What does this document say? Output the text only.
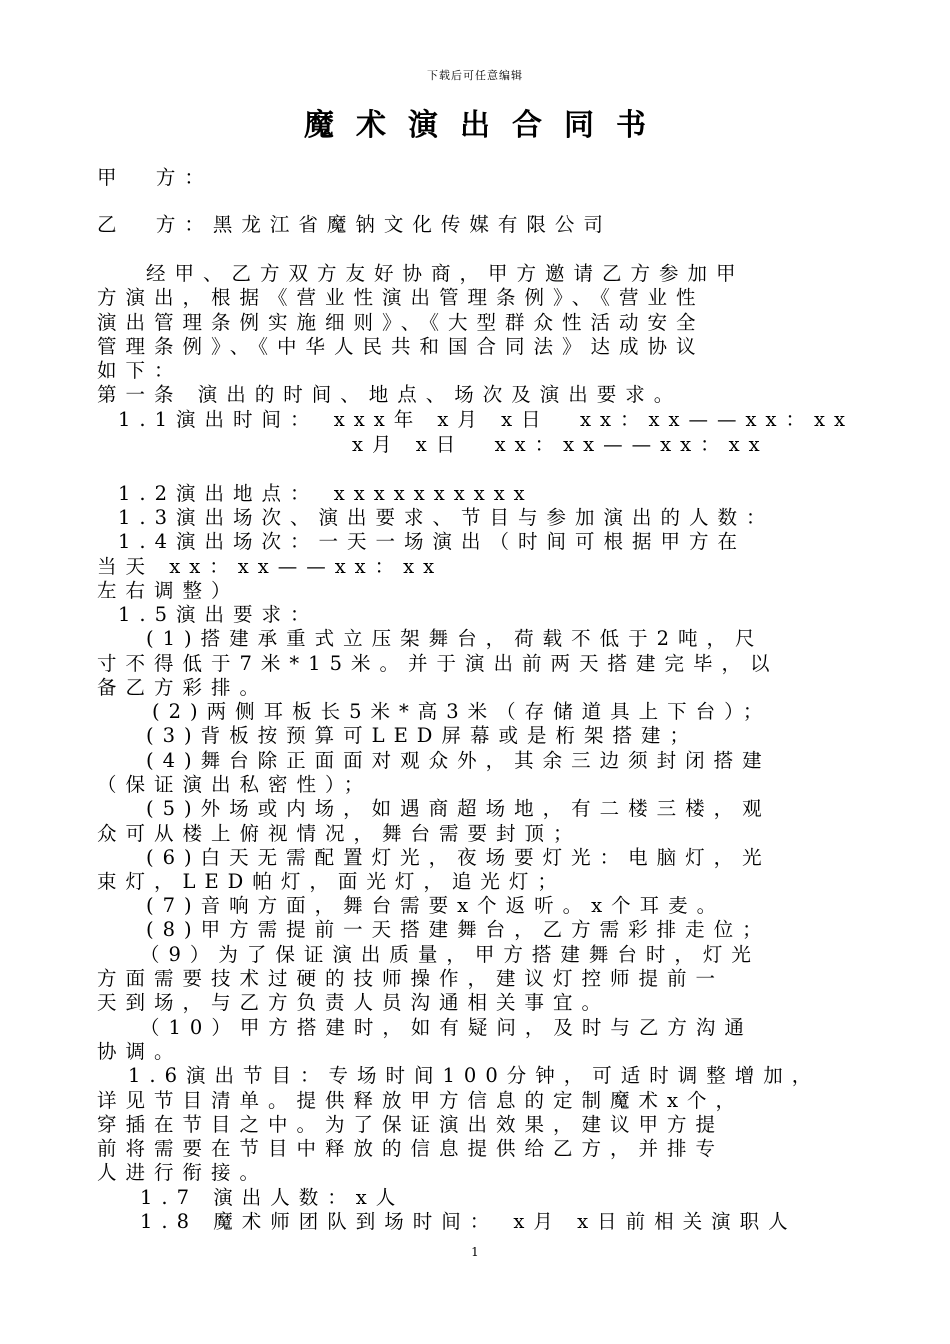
下载后可任意编辑
魔术演出合同书
甲  方：
乙  方：黑龙江省魔钠文化传媒有限公司
经甲、乙方双方友好协商，甲方邀请乙方参加甲
方演出，根据《营业性演出管理条例》、《营业性
演出管理条例实施细则》、《大型群众性活动安全
管理条例》、《中华人民共和国合同法》达成协议
如下：
第一条 演出的时间、地点、场次及演出要求。
1.1演出时间： xxx年 x月 x日  xx：xx——xx：xx
x月 x日  xx：xx——xx：xx
1.2演出地点： xxxxxxxxxx
1.3演出场次、演出要求、节目与参加演出的人数：
1.4演出场次：一天一场演出（时间可根据甲方在
当天 xx：xx——xx：xx
左右调整）
1.5演出要求：
(1)搭建承重式立压架舞台，荷载不低于2吨，尺
寸不得低于7米*15米。并于演出前两天搭建完毕，以
备乙方彩排。
(2)两侧耳板长5米*高3米（存储道具上下台）；
(3)背板按预算可LED屏幕或是桁架搭建；
(4)舞台除正面面对观众外，其余三边须封闭搭建
（保证演出私密性）；
(5)外场或内场，如遇商超场地，有二楼三楼，观
众可从楼上俯视情况，舞台需要封顶；
(6)白天无需配置灯光，夜场要灯光：电脑灯，光
束灯，LED帕灯，面光灯，追光灯；
(7)音响方面，舞台需要x个返听。x个耳麦。
(8)甲方需提前一天搭建舞台，乙方需彩排走位；
（9）为了保证演出质量，甲方搭建舞台时，灯光
方面需要技术过硬的技师操作，建议灯控师提前一
天到场，与乙方负责人员沟通相关事宜。
（10）甲方搭建时，如有疑问，及时与乙方沟通
协调。
1.6演出节目：专场时间100分钟，可适时调整增加，
详见节目清单。提供释放甲方信息的定制魔术x个，
穿插在节目之中。为了保证演出效果，建议甲方提
前将需要在节目中释放的信息提供给乙方，并排专
人进行衔接。
1.7 演出人数：x人
1.8 魔术师团队到场时间： x月 x日前相关演职人
1
